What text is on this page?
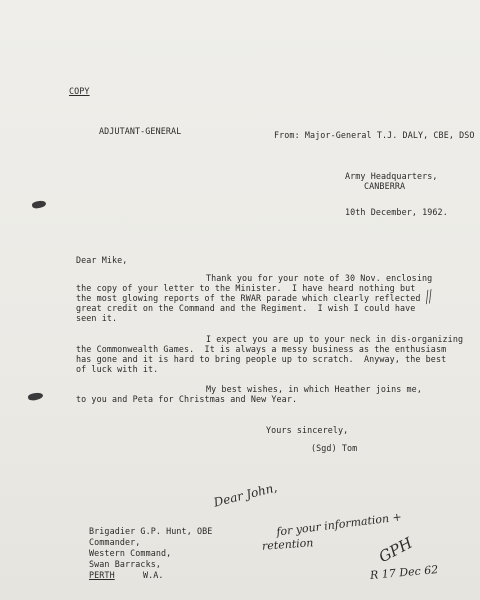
COPY
ADJUTANT-GENERAL	From: Major-General T.J. DALY, CBE, DSO
Army Headquarters,
CANBERRA
10th December, 1962.
Dear Mike,
Thank you for your note of 30 Nov. enclosing
the copy of your letter to the Minister.  I have heard nothing but
the most glowing reports of the RWAR parade which clearly reflected
great credit on the Command and the Regiment.  I wish I could have
seen it.
I expect you are up to your neck in dis-organizing
the Commonwealth Games.  It is always a messy business as the enthusiasm
has gone and it is hard to bring people up to scratch.  Anyway, the best
of luck with it.
My best wishes, in which Heather joins me,
to you and Peta for Christmas and New Year.
Yours sincerely,
(Sgd) Tom
Brigadier G.P. Hunt, OBE
Commander,
Western Command,
Swan Barracks,
PERTH	W.A.
//
Dear John,
for your information +
retention	GPH
R 17 Dec 62
